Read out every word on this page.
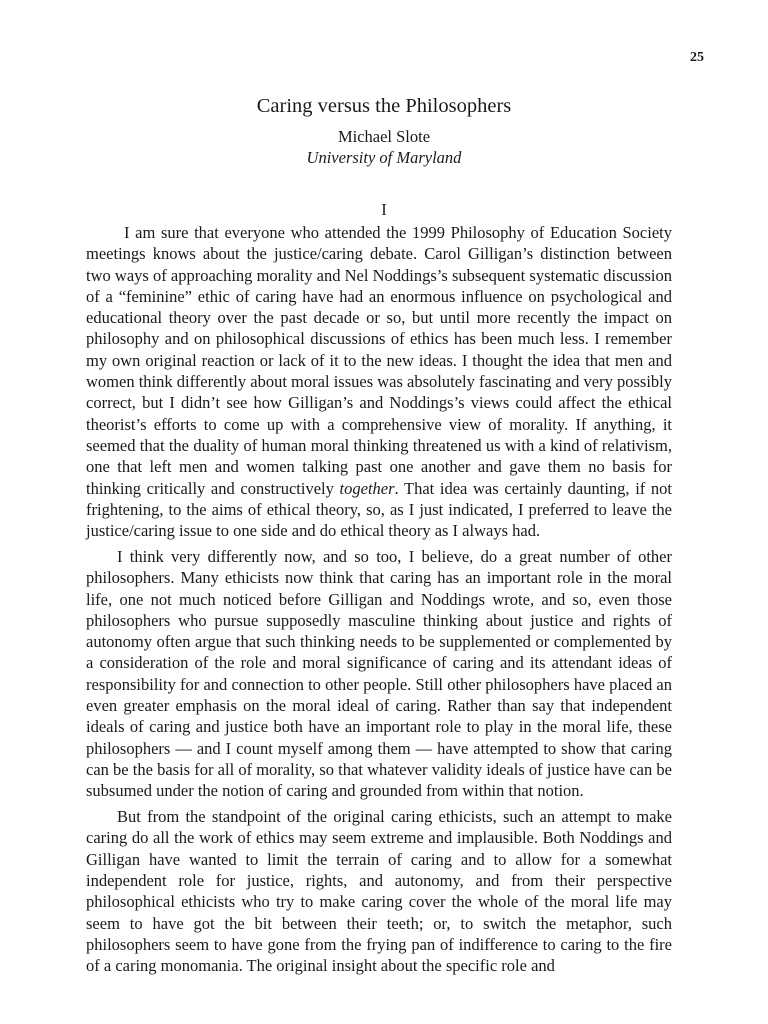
25
Caring versus the Philosophers
Michael Slote
University of Maryland
I

I am sure that everyone who attended the 1999 Philosophy of Education Society meetings knows about the justice/caring debate. Carol Gilligan’s distinction between two ways of approaching morality and Nel Noddings’s subsequent systematic discussion of a “feminine” ethic of caring have had an enormous influence on psychological and educational theory over the past decade or so, but until more recently the impact on philosophy and on philosophical discussions of ethics has been much less. I remember my own original reaction or lack of it to the new ideas. I thought the idea that men and women think differently about moral issues was absolutely fascinating and very possibly correct, but I didn’t see how Gilligan’s and Noddings’s views could affect the ethical theorist’s efforts to come up with a comprehensive view of morality. If anything, it seemed that the duality of human moral thinking threatened us with a kind of relativism, one that left men and women talking past one another and gave them no basis for thinking critically and constructively together. That idea was certainly daunting, if not frightening, to the aims of ethical theory, so, as I just indicated, I preferred to leave the justice/caring issue to one side and do ethical theory as I always had.

I think very differently now, and so too, I believe, do a great number of other philosophers. Many ethicists now think that caring has an important role in the moral life, one not much noticed before Gilligan and Noddings wrote, and so, even those philosophers who pursue supposedly masculine thinking about justice and rights of autonomy often argue that such thinking needs to be supplemented or complemented by a consideration of the role and moral significance of caring and its attendant ideas of responsibility for and connection to other people. Still other philosophers have placed an even greater emphasis on the moral ideal of caring. Rather than say that independent ideals of caring and justice both have an important role to play in the moral life, these philosophers — and I count myself among them — have attempted to show that caring can be the basis for all of morality, so that whatever validity ideals of justice have can be subsumed under the notion of caring and grounded from within that notion.

But from the standpoint of the original caring ethicists, such an attempt to make caring do all the work of ethics may seem extreme and implausible. Both Noddings and Gilligan have wanted to limit the terrain of caring and to allow for a somewhat independent role for justice, rights, and autonomy, and from their perspective philosophical ethicists who try to make caring cover the whole of the moral life may seem to have got the bit between their teeth; or, to switch the metaphor, such philosophers seem to have gone from the frying pan of indifference to caring to the fire of a caring monomania. The original insight about the specific role and
